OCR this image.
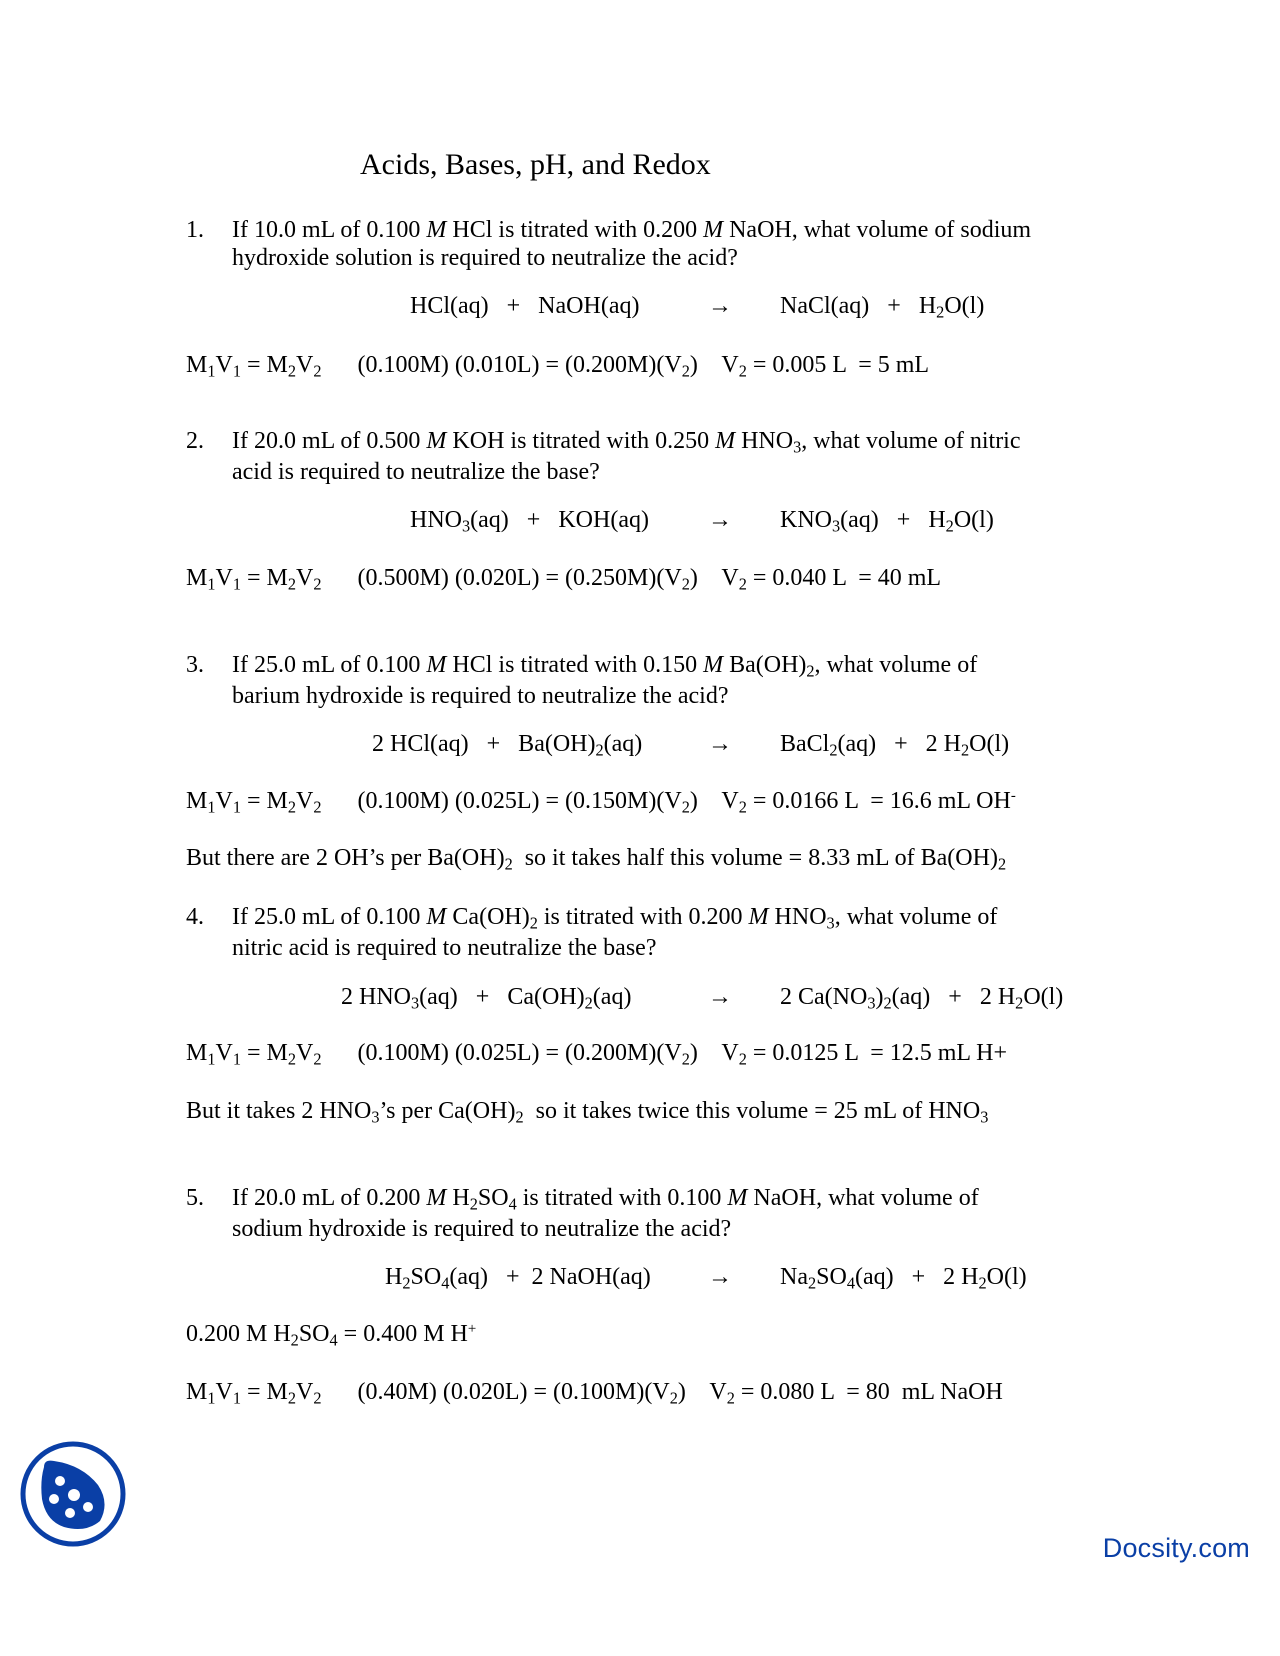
Acids, Bases, pH, and Redox
1. If 10.0 mL of 0.100 M HCl is titrated with 0.200 M NaOH, what volume of sodium
hydroxide solution is required to neutralize the acid?
HCl(aq)   +   NaOH(aq)	→ NaCl(aq)   +   $H_2O(l)$
$M_1V_1 = M_2V_2$      (0.100M) $(0.010L) = (0.200M)(V_2)$    $V_2 = 0.005$ L  = 5 mL
2. If 20.0 mL of 0.500 M KOH is titrated with 0.250 M $HNO_3$, what volume of nitric
acid is required to neutralize the base?
$HNO_3(aq) + KOH(aq) \to KNO_3(aq) + H_2O(l)$
$M_1V_1 = M_2V_2$      (0.500M) $(0.020L) = (0.250M)(V_2)$    $V_2 = 0.040$ L  = 40 mL
3. If 25.0 mL of 0.100 M HCl is titrated with 0.150 M $Ba(OH)_2$, what volume of
barium hydroxide is required to neutralize the acid?
2 $HCl(aq) + Ba(OH)_2(aq)$	→ BaCl$_2$(aq)   +   2 $H_2O(l)$
$M_1V_1 = M_2V_2$      (0.100M) $(0.025L) = (0.150M)(V_2)$    $V_2 = 0.0166$ L  = 16.6 mL OH-
But there are 2 OH’s per $Ba(OH)_2$  so it takes half this volume = 8.33 mL of $Ba(OH)_2$
4. If 25.0 mL of 0.100 M $Ca(OH)_2$ is titrated with 0.200 M $HNO_3$, what volume of
nitric acid is required to neutralize the base?
2 $HNO_3(aq) + Ca(OH)_2(aq)$	→ 2 $Ca(NO_3)_2(aq) + 2$ $H_2O(l)$
$M_1V_1 = M_2V_2$      (0.100M) $(0.025L) = (0.200M)(V_2)$    $V_2 = 0.0125$ L  = 12.5 mL H+
But it takes 2 $HNO_3’s$ per $Ca(OH)_2$  so it takes twice this volume = 25 mL of $HNO_3$
5. If 20.0 mL of 0.200 M $H_2SO_4$ is titrated with 0.100 M NaOH, what volume of
sodium hydroxide is required to neutralize the acid?
$H_2SO_4(aq) + 2$ NaOH(aq) → $Na_2SO_4(aq) + 2$ $H_2O(l)$
0.200 M $H_2SO_4 = 0.400$ M H+
$M_1V_1 = M_2V_2$      (0.40M) $(0.020L) = (0.100M)(V_2)$    $V_2 = 0.080$ L  = 80  mL NaOH
Docsity.com
